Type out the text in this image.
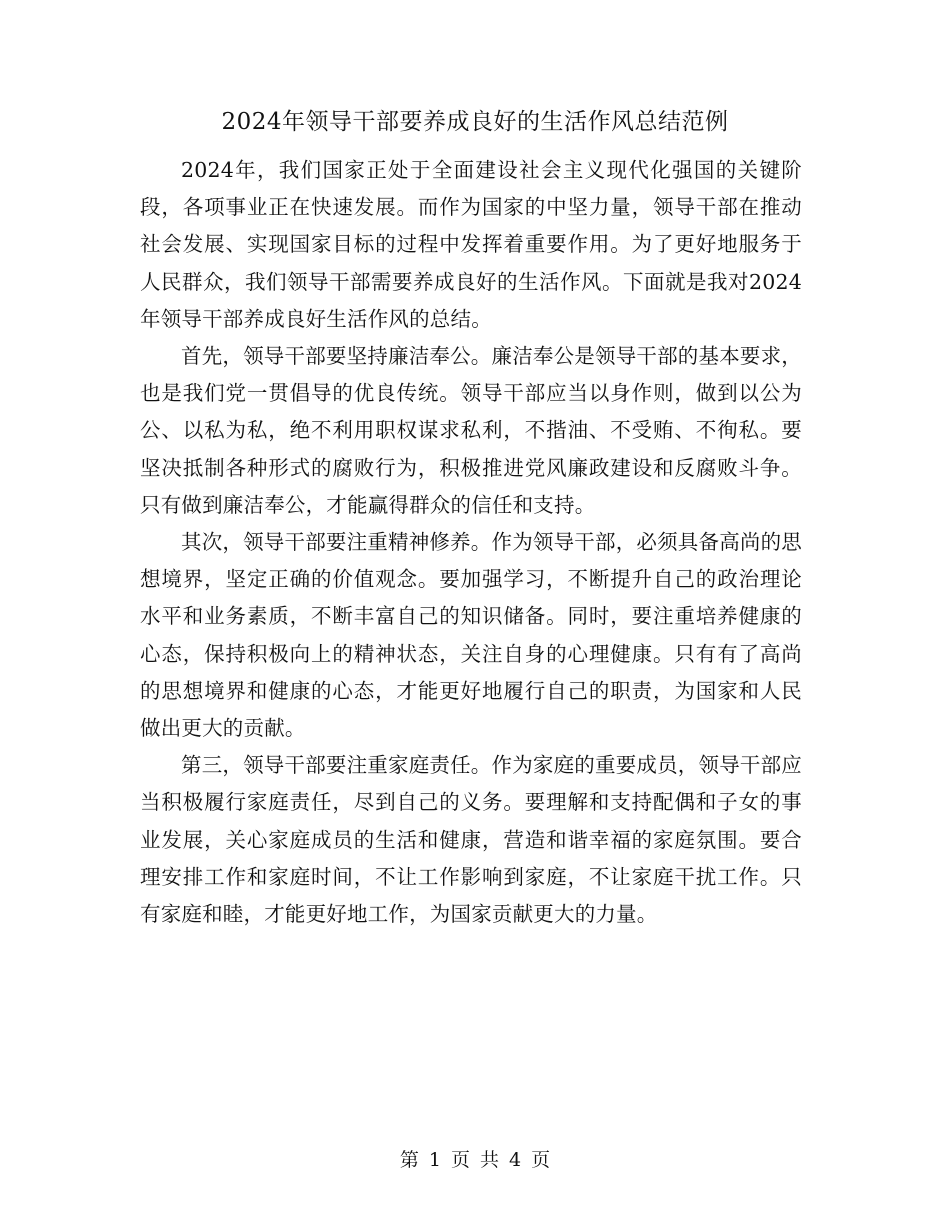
2024年领导干部要养成良好的生活作风总结范例

2024年，我们国家正处于全面建设社会主义现代化强国的关键阶段，各项事业正在快速发展。而作为国家的中坚力量，领导干部在推动社会发展、实现国家目标的过程中发挥着重要作用。为了更好地服务于人民群众，我们领导干部需要养成良好的生活作风。下面就是我对2024年领导干部养成良好生活作风的总结。

首先，领导干部要坚持廉洁奉公。廉洁奉公是领导干部的基本要求，也是我们党一贯倡导的优良传统。领导干部应当以身作则，做到以公为公、以私为私，绝不利用职权谋求私利，不揩油、不受贿、不徇私。要坚决抵制各种形式的腐败行为，积极推进党风廉政建设和反腐败斗争。只有做到廉洁奉公，才能赢得群众的信任和支持。

其次，领导干部要注重精神修养。作为领导干部，必须具备高尚的思想境界，坚定正确的价值观念。要加强学习，不断提升自己的政治理论水平和业务素质，不断丰富自己的知识储备。同时，要注重培养健康的心态，保持积极向上的精神状态，关注自身的心理健康。只有有了高尚的思想境界和健康的心态，才能更好地履行自己的职责，为国家和人民做出更大的贡献。

第三，领导干部要注重家庭责任。作为家庭的重要成员，领导干部应当积极履行家庭责任，尽到自己的义务。要理解和支持配偶和子女的事业发展，关心家庭成员的生活和健康，营造和谐幸福的家庭氛围。要合理安排工作和家庭时间，不让工作影响到家庭，不让家庭干扰工作。只有家庭和睦，才能更好地工作，为国家贡献更大的力量。

第 1 页 共 4 页
